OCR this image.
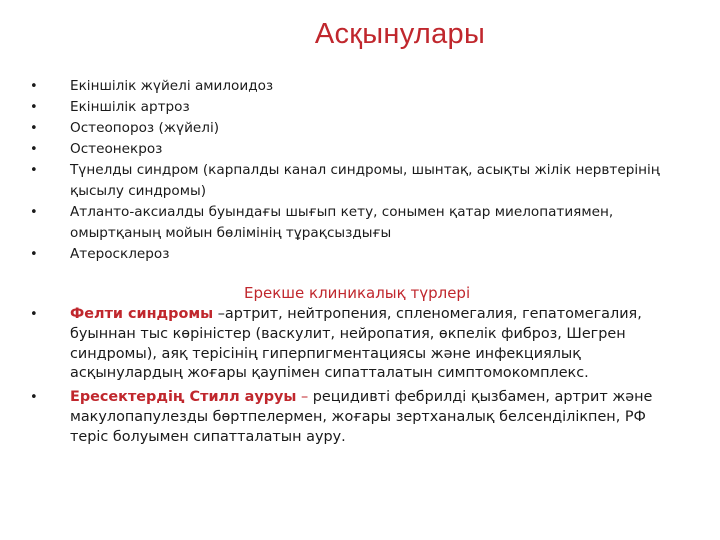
Асқынулары
• Екіншілік жүйелі амилоидоз
• Екіншілік артроз
• Остеопороз (жүйелі)
• Остеонекроз
• Түнелды синдром (карпалды канал синдромы, шынтақ, асықты жілік нервтерінің қысылу синдромы)
• Атланто-аксиалды буындағы шығып кету, сонымен қатар миелопатиямен, омыртқаның мойын бөлімінің тұрақсыздығы
• Атеросклероз
Ерекше клиникалық түрлері
• Фелти синдромы –артрит, нейтропения, спленомегалия, гепатомегалия, буыннан тыс көріністер (васкулит, нейропатия, өкпелік фиброз, Шегрен синдромы), аяқ терісінің гиперпигментациясы және инфекциялық асқынулардың жоғары қаупімен сипатталатын симптомокомплекс.
• Ересектердің Стилл ауруы – рецидивті фебрилді қызбамен, артрит және макулопапулезды бөртпелермен, жоғары зертханалық белсенділікпен, РФ теріс болуымен сипатталатын ауру.
